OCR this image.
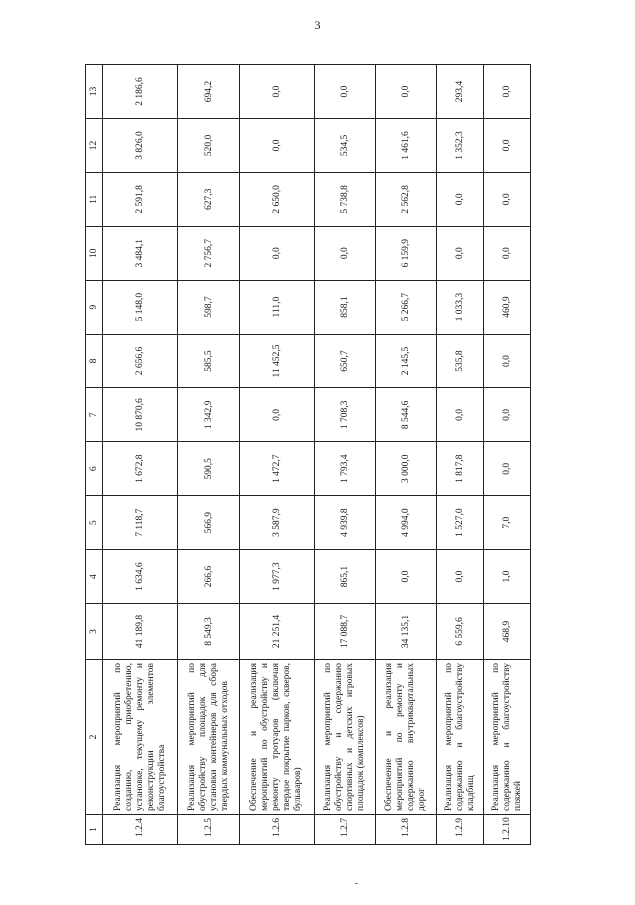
3
1	2	3	4	5	6	7	8	9	10	11	12	13
1.2.4	Реализация мероприятий по созданию, приобретению, установке, текущему ремонту и реконструкции элементов благоустройства	41 189,8	1 634,6	7 118,7	1 672,8	10 870,6	2 656,6	5 148,0	3 484,1	2 591,8	3 826,0	2 186,6
1.2.5	Реализация мероприятий по обустройству площадок для установки контейнеров для сбора твердых коммунальных отходов	8 549,3	266,6	566,9	590,5	1 342,9	585,5	598,7	2 756,7	627,3	520,0	694,2
1.2.6	Обеспечение и реализация мероприятий по обустройству и ремонту тротуаров (включая твердое покрытие парков, скверов, бульваров)	21 251,4	1 977,3	3 587,9	1 472,7	0,0	11 452,5	111,0	0,0	2 650,0	0,0	0,0
1.2.7	Реализация мероприятий по обустройству и содержанию спортивных и детских игровых площадок (комплексов)	17 088,7	865,1	4 939,8	1 793,4	1 708,3	650,7	858,1	0,0	5 738,8	534,5	0,0
1.2.8	Обеспечение и реализация мероприятий по ремонту и содержанию внутриквартальных дорог	34 135,1	0,0	4 994,0	3 000,0	8 544,6	2 145,5	5 266,7	6 159,9	2 562,8	1 461,6	0,0
1.2.9	Реализация мероприятий по содержанию и благоустройству кладбищ	6 559,6	0,0	1 527,0	1 817,8	0,0	535,8	1 033,3	0,0	0,0	1 352,3	293,4
1.2.10	Реализация мероприятий по содержанию и благоустройству пляжей	468,9	1,0	7,0	0,0	0,0	0,0	460,9	0,0	0,0	0,0	0,0
